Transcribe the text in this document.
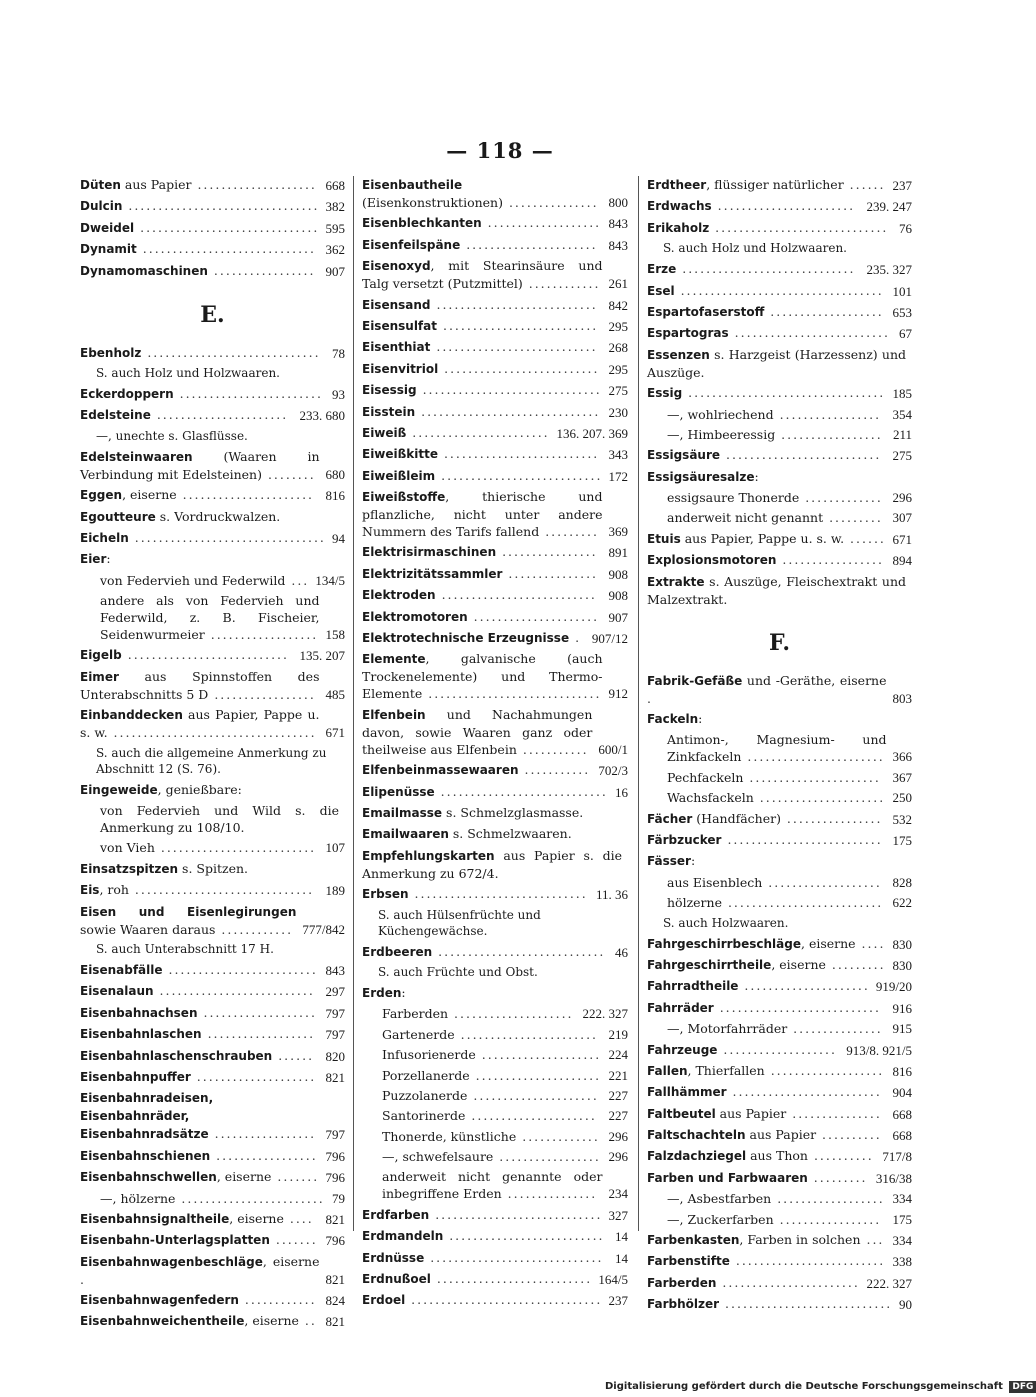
— 118 —
Düten aus Papier .................... 668
Dulcin ................................ 382
Dweidel .............................. 595
Dynamit ............................. 362
Dynamomaschinen ................. 907
E.
Ebenholz ............................. 78
S. auch Holz und Holzwaaren.
Eckerdoppern ........................ 93
Edelsteine ...................... 233. 680
—, unechte s. Glasflüsse.
Edelsteinwaaren (Waaren in Verbindung mit Edelsteinen) ........ 680
Eggen, eiserne ...................... 816
Egoutteure s. Vordruckwalzen.
Eicheln ................................ 94
Eier:
von Federvieh und Federwild ... 134/5
andere als von Federvieh und Federwild, z. B. Fischeier, Seidenwurmeier .................. 158
Eigelb ........................... 135. 207
Eimer aus Spinnstoffen des Unterabschnitts 5 D ................. 485
Einbanddecken aus Papier, Pappe u. s. w. .................................. 671
S. auch die allgemeine Anmerkung zu Abschnitt 12 (S. 76).
Eingeweide, genießbare:
von Federvieh und Wild s. die Anmerkung zu 108/10.
von Vieh .......................... 107
Einsatzspitzen s. Spitzen.
Eis, roh .............................. 189
Eisen und Eisenlegirungen sowie Waaren daraus ............ 777/842
S. auch Unterabschnitt 17 H.
Eisenabfälle ......................... 843
Eisenalaun .......................... 297
Eisenbahnachsen ................... 797
Eisenbahnlaschen .................. 797
Eisenbahnlaschenschrauben ...... 820
Eisenbahnpuffer .................... 821
Eisenbahnradeisen, Eisenbahnräder, Eisenbahnradsätze ................. 797
Eisenbahnschienen ................. 796
Eisenbahnschwellen, eiserne ....... 796
—, hölzerne ........................ 79
Eisenbahnsignaltheile, eiserne .... 821
Eisenbahn-Unterlagsplatten ....... 796
Eisenbahnwagenbeschläge, eiserne .	821
Eisenbahnwagenfedern ............ 824
Eisenbahnweichentheile, eiserne .. 821
Eisenbautheile (Eisenkonstruktionen) ............... 800
Eisenblechkanten ................... 843
Eisenfeilspäne ...................... 843
Eisenoxyd, mit Stearinsäure und Talg versetzt (Putzmittel) ............ 261
Eisensand ........................... 842
Eisensulfat .......................... 295
Eisenthiat ........................... 268
Eisenvitriol .......................... 295
Eisessig .............................. 275
Eisstein .............................. 230
Eiweiß ....................... 136. 207. 369
Eiweißkitte .......................... 343
Eiweißleim ........................... 172
Eiweißstoffe, thierische und pflanzliche, nicht unter andere Nummern des Tarifs fallend ......... 369
Elektrisirmaschinen ................ 891
Elektrizitätssammler ............... 908
Elektroden .......................... 908
Elektromotoren ..................... 907
Elektrotechnische Erzeugnisse . 907/12
Elemente, galvanische (auch Trockenelemente) und Thermo-Elemente ............................. 912
Elfenbein und Nachahmungen davon, sowie Waaren ganz oder theilweise aus Elfenbein ........... 600/1
Elfenbeinmassewaaren ........... 702/3
Elipenüsse ............................ 16
Emailmasse s. Schmelzglasmasse.
Emailwaaren s. Schmelzwaaren.
Empfehlungskarten aus Papier s. die Anmerkung zu 672/4.
Erbsen ............................. 11. 36
S. auch Hülsenfrüchte und Küchengewächse.
Erdbeeren ............................ 46
S. auch Früchte und Obst.
Erden:
Farberden .................... 222. 327
Gartenerde ....................... 219
Infusorienerde .................... 224
Porzellanerde ..................... 221
Puzzolanerde ..................... 227
Santorinerde ..................... 227
Thonerde, künstliche ............. 296
—, schwefelsaure ................. 296
anderweit nicht genannte oder inbegriffene Erden ............... 234
Erdfarben ............................ 327
Erdmandeln .......................... 14
Erdnüsse ............................. 14
Erdnußoel .......................... 164/5
Erdoel ................................ 237
Erdtheer, flüssiger natürlicher ...... 237
Erdwachs ....................... 239. 247
Erikaholz ............................. 76
S. auch Holz und Holzwaaren.
Erze ............................. 235. 327
Esel .................................. 101
Espartofaserstoff ................... 653
Espartogras .......................... 67
Essenzen s. Harzgeist (Harzessenz) und Auszüge.
Essig ................................. 185
—, wohlriechend ................. 354
—, Himbeeressig ................. 211
Essigsäure .......................... 275
Essigsäuresalze:
essigsaure Thonerde ............. 296
anderweit nicht genannt ......... 307
Etuis aus Papier, Pappe u. s. w. ...... 671
Explosionsmotoren ................. 894
Extrakte s. Auszüge, Fleischextrakt und Malzextrakt.
F.
Fabrik-Gefäße und -Geräthe, eiserne .	803
Fackeln:
Antimon-, Magnesium- und Zinkfackeln ....................... 366
Pechfackeln ...................... 367
Wachsfackeln ..................... 250
Fächer (Handfächer) ................ 532
Färbzucker .......................... 175
Fässer:
aus Eisenblech ................... 828
hölzerne .......................... 622
S. auch Holzwaaren.
Fahrgeschirrbeschläge, eiserne .... 830
Fahrgeschirrtheile, eiserne ......... 830
Fahrradtheile ..................... 919/20
Fahrräder ........................... 916
—, Motorfahrräder ............... 915
Fahrzeuge ................... 913/8. 921/5
Fallen, Thierfallen ................... 816
Fallhämmer ......................... 904
Faltbeutel aus Papier ............... 668
Faltschachteln aus Papier .......... 668
Falzdachziegel aus Thon .......... 717/8
Farben und Farbwaaren ......... 316/38
—, Asbestfarben .................. 334
—, Zuckerfarben ................. 175
Farbenkasten, Farben in solchen ... 334
Farbenstifte ......................... 338
Farberden ....................... 222. 327
Farbhölzer ............................ 90
Digitalisierung gefördert durch die Deutsche Forschungsgemeinschaft DFG
